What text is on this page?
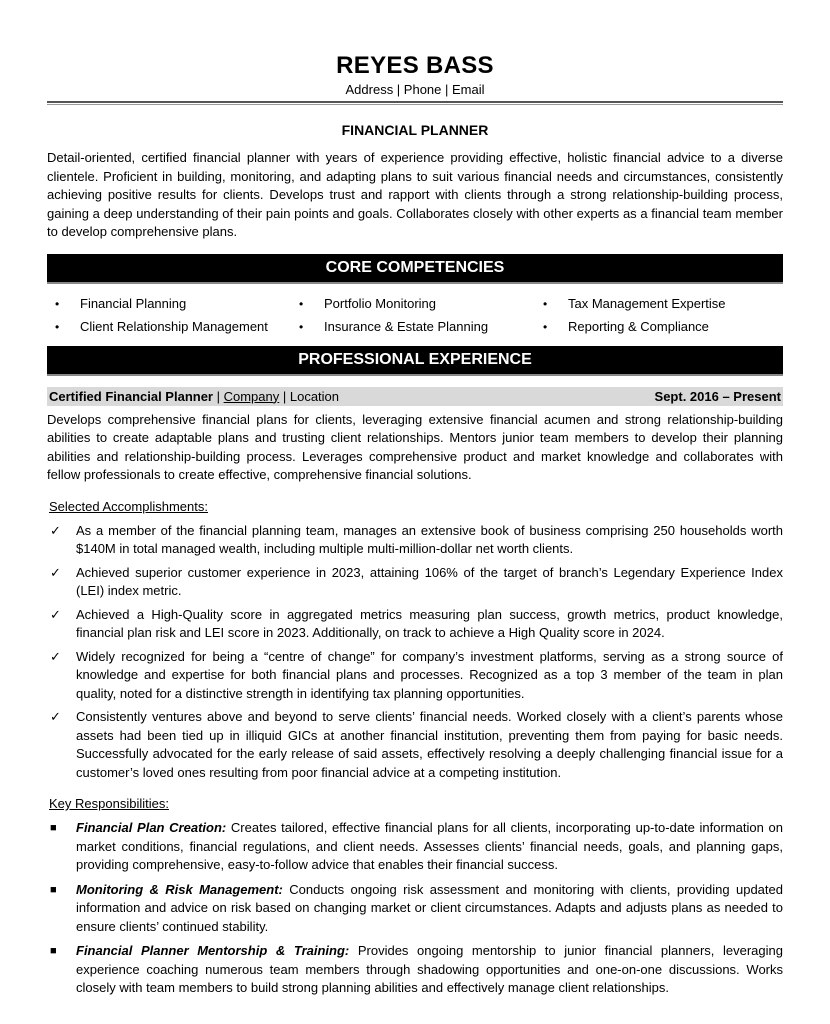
REYES BASS
Address | Phone | Email
FINANCIAL PLANNER
Detail-oriented, certified financial planner with years of experience providing effective, holistic financial advice to a diverse clientele. Proficient in building, monitoring, and adapting plans to suit various financial needs and circumstances, consistently achieving positive results for clients. Develops trust and rapport with clients through a strong relationship-building process, gaining a deep understanding of their pain points and goals. Collaborates closely with other experts as a financial team member to develop comprehensive plans.
CORE COMPETENCIES
• Financial Planning	• Portfolio Monitoring	• Tax Management Expertise
• Client Relationship Management	• Insurance & Estate Planning	• Reporting & Compliance
PROFESSIONAL EXPERIENCE
Certified Financial Planner | Company | Location	Sept. 2016 – Present
Develops comprehensive financial plans for clients, leveraging extensive financial acumen and strong relationship-building abilities to create adaptable plans and trusting client relationships. Mentors junior team members to develop their planning abilities and relationship-building process. Leverages comprehensive product and market knowledge and collaborates with fellow professionals to create effective, comprehensive financial solutions.
Selected Accomplishments:
✓	As a member of the financial planning team, manages an extensive book of business comprising 250 households worth $140M in total managed wealth, including multiple multi-million-dollar net worth clients.
✓	Achieved superior customer experience in 2023, attaining 106% of the target of branch’s Legendary Experience Index (LEI) index metric.
✓	Achieved a High-Quality score in aggregated metrics measuring plan success, growth metrics, product knowledge, financial plan risk and LEI score in 2023. Additionally, on track to achieve a High Quality score in 2024.
✓	Widely recognized for being a “centre of change” for company’s investment platforms, serving as a strong source of knowledge and expertise for both financial plans and processes. Recognized as a top 3 member of the team in plan quality, noted for a distinctive strength in identifying tax planning opportunities.
✓	Consistently ventures above and beyond to serve clients’ financial needs. Worked closely with a client’s parents whose assets had been tied up in illiquid GICs at another financial institution, preventing them from paying for basic needs. Successfully advocated for the early release of said assets, effectively resolving a deeply challenging financial issue for a customer’s loved ones resulting from poor financial advice at a competing institution.
Key Responsibilities:
■	Financial Plan Creation: Creates tailored, effective financial plans for all clients, incorporating up-to-date information on market conditions, financial regulations, and client needs. Assesses clients’ financial needs, goals, and planning gaps, providing comprehensive, easy-to-follow advice that enables their financial success.
■	Monitoring & Risk Management: Conducts ongoing risk assessment and monitoring with clients, providing updated information and advice on risk based on changing market or client circumstances. Adapts and adjusts plans as needed to ensure clients’ continued stability.
■	Financial Planner Mentorship & Training: Provides ongoing mentorship to junior financial planners, leveraging experience coaching numerous team members through shadowing opportunities and one-on-one discussions. Works closely with team members to build strong planning abilities and effectively manage client relationships.
